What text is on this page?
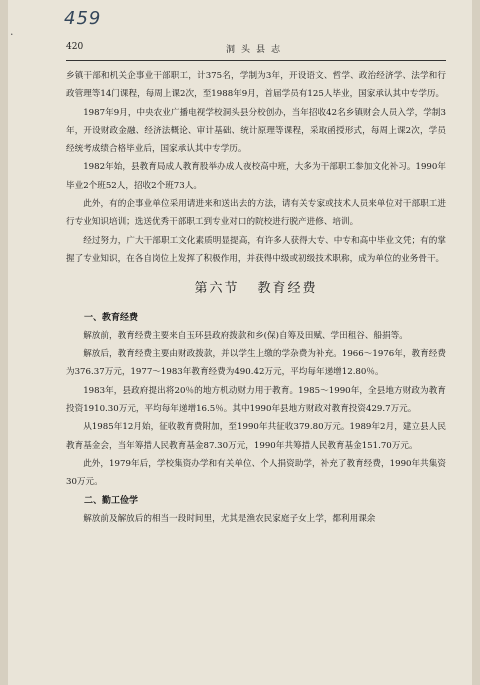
459
·
420	洞头县志

乡镇干部和机关企事业干部职工，计375名，学制为3年，开设语文、哲学、政治经济学、法学和行政管理等14门课程，每周上课2次，至1988年9月，首届学员有125人毕业，国家承认其中专学历。

1987年9月，中央农业广播电视学校洞头县分校创办，当年招收42名乡镇财会人员入学，学制3年，开设财政金融、经济法概论、审计基础、统计原理等课程，采取函授形式，每周上课2次，学员经统考成绩合格毕业后，国家承认其中专学历。

1982年始，县教育局成人教育股举办成人夜校高中班，大多为干部职工参加文化补习。1990年毕业2个班52人，招收2个班73人。

此外，有的企事业单位采用请进来和送出去的方法，请有关专家或技术人员来单位对干部职工进行专业知识培训；选送优秀干部职工到专业对口的院校进行脱产进修、培训。

经过努力，广大干部职工文化素质明显提高，有许多人获得大专、中专和高中毕业文凭；有的掌握了专业知识，在各自岗位上发挥了积极作用，并获得中级或初级技术职称，成为单位的业务骨干。

第六节 教育经费

一、教育经费

解放前，教育经费主要来自玉环县政府拨款和乡(保)自筹及田赋、学田租谷、船捐等。

解放后，教育经费主要由财政拨款，并以学生上缴的学杂费为补充。1966～1976年，教育经费为376.37万元，1977～1983年教育经费为490.42万元，平均每年递增12.80％。

1983年，县政府提出将20％的地方机动财力用于教育。1985～1990年，全县地方财政为教育投资1910.30万元，平均每年递增16.5％。其中1990年县地方财政对教育投资429.7万元。

从1985年12月始，征收教育费附加，至1990年共征收379.80万元。1989年2月，建立县人民教育基金会，当年筹措人民教育基金87.30万元，1990年共筹措人民教育基金151.70万元。

此外，1979年后，学校集资办学和有关单位、个人捐资助学，补充了教育经费，1990年共集资30万元。

二、勤工俭学

解放前及解放后的相当一段时间里，尤其是渔农民家庭子女上学，都利用课余
